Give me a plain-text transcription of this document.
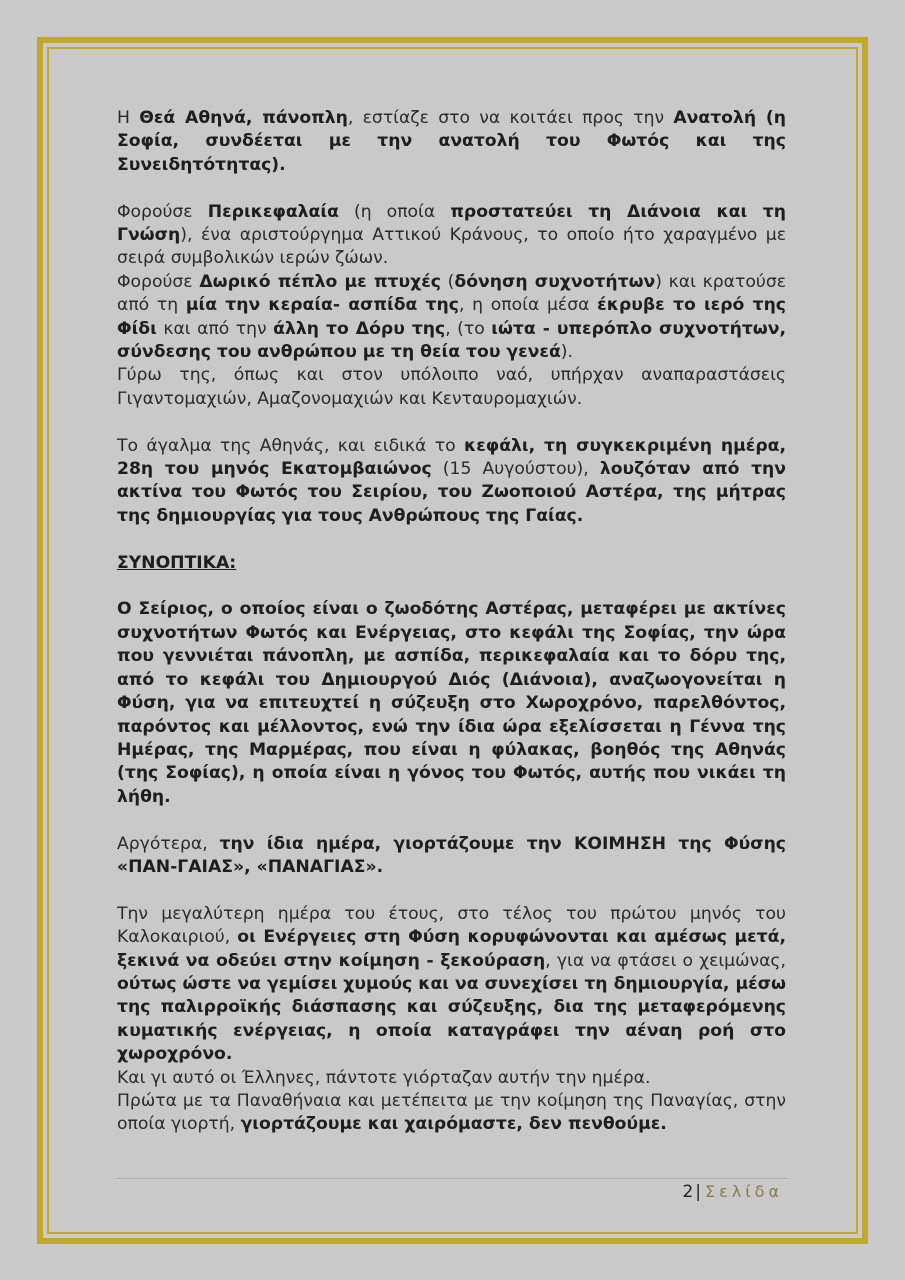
Η Θεά Αθηνά, πάνοπλη, εστίαζε στο να κοιτάει προς την Ανατολή (η Σοφία, συνδέεται με την ανατολή του Φωτός και της Συνειδητότητας).

Φορούσε Περικεφαλαία (η οποία προστατεύει τη Διάνοια και τη Γνώση), ένα αριστούργημα Αττικού Κράνους, το οποίο ήτο χαραγμένο με σειρά συμβολικών ιερών ζώων.

Φορούσε Δωρικό πέπλο με πτυχές (δόνηση συχνοτήτων) και κρατούσε από τη μία την κεραία- ασπίδα της, η οποία μέσα έκρυβε το ιερό της Φίδι και από την άλλη το Δόρυ της, (το ιώτα - υπερόπλο συχνοτήτων, σύνδεσης του ανθρώπου με τη θεία του γενεά).

Γύρω της, όπως και στον υπόλοιπο ναό, υπήρχαν αναπαραστάσεις Γιγαντομαχιών, Αμαζονομαχιών και Κενταυρομαχιών.

Το άγαλμα της Αθηνάς, και ειδικά το κεφάλι, τη συγκεκριμένη ημέρα, 28η του μηνός Εκατομβαιώνος (15 Αυγούστου), λουζόταν από την ακτίνα του Φωτός του Σειρίου, του Ζωοποιού Αστέρα, της μήτρας της δημιουργίας για τους Ανθρώπους της Γαίας.

ΣΥΝΟΠΤΙΚΑ:

Ο Σείριος, ο οποίος είναι ο ζωοδότης Αστέρας, μεταφέρει με ακτίνες συχνοτήτων Φωτός και Ενέργειας, στο κεφάλι της Σοφίας, την ώρα που γεννιέται πάνοπλη, με ασπίδα, περικεφαλαία και το δόρυ της, από το κεφάλι του Δημιουργού Διός (Διάνοια), αναζωογονείται η Φύση, για να επιτευχτεί η σύζευξη στο Χωροχρόνο, παρελθόντος, παρόντος και μέλλοντος, ενώ την ίδια ώρα εξελίσσεται η Γέννα της Ημέρας, της Μαρμέρας, που είναι η φύλακας, βοηθός της Αθηνάς (της Σοφίας), η οποία είναι η γόνος του Φωτός, αυτής που νικάει τη λήθη.

Αργότερα, την ίδια ημέρα, γιορτάζουμε την ΚΟΙΜΗΣΗ της Φύσης «ΠΑΝ-ΓΑΙΑΣ», «ΠΑΝΑΓΙΑΣ».

Την μεγαλύτερη ημέρα του έτους, στο τέλος του πρώτου μηνός του Καλοκαιριού, οι Ενέργειες στη Φύση κορυφώνονται και αμέσως μετά, ξεκινά να οδεύει στην κοίμηση - ξεκούραση, για να φτάσει ο χειμώνας, ούτως ώστε να γεμίσει χυμούς και να συνεχίσει τη δημιουργία, μέσω της παλιρροϊκής διάσπασης και σύζευξης, δια της μεταφερόμενης κυματικής ενέργειας, η οποία καταγράφει την αέναη ροή στο χωροχρόνο.

Και γι αυτό οι Έλληνες, πάντοτε γιόρταζαν αυτήν την ημέρα.

Πρώτα με τα Παναθήναια και μετέπειτα με την κοίμηση της Παναγίας, στην οποία γιορτή, γιορτάζουμε και χαιρόμαστε, δεν πενθούμε.

2 | Σελίδα
